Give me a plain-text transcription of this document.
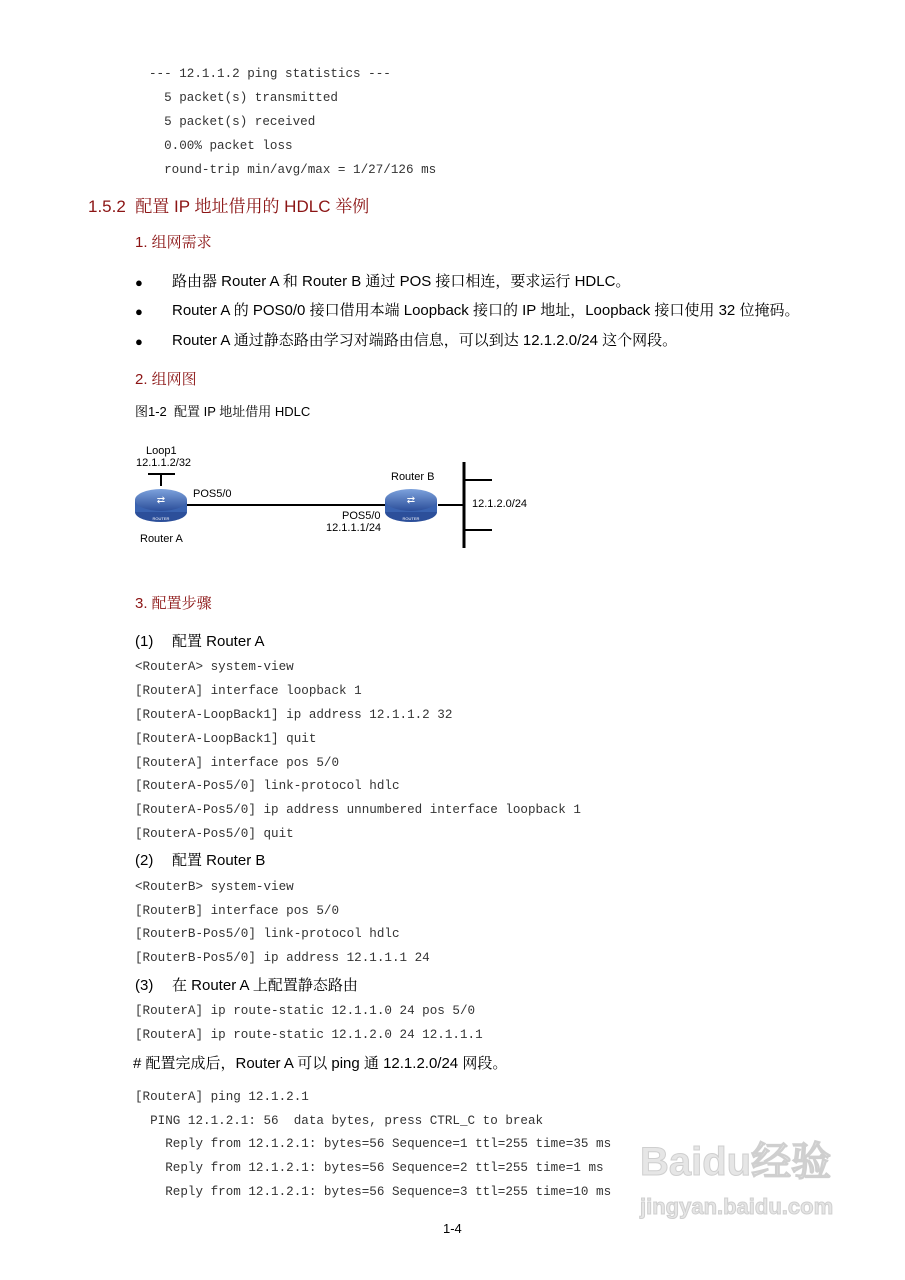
--- 12.1.1.2 ping statistics ---
5 packet(s) transmitted
5 packet(s) received
0.00% packet loss
round-trip min/avg/max = 1/27/126 ms
1.5.2  配置 IP 地址借用的 HDLC 举例
1. 组网需求
● 路由器 Router A 和 Router B 通过 POS 接口相连，要求运行 HDLC。
● Router A 的 POS0/0 接口借用本端 Loopback 接口的 IP 地址，Loopback 接口使用 32 位掩码。
● Router A 通过静态路由学习对端路由信息，可以到达 12.1.2.0/24 这个网段。
2. 组网图
图1-2  配置 IP 地址借用 HDLC
Loop1
12.1.1.2/32
⇄
ROUTER
⇄
ROUTER
POS5/0
Router A
Router B
POS5/0
12.1.1.1/24
12.1.2.0/24
3. 配置步骤
(1) 配置 Router A
<RouterA> system-view
[RouterA] interface loopback 1
[RouterA-LoopBack1] ip address 12.1.1.2 32
[RouterA-LoopBack1] quit
[RouterA] interface pos 5/0
[RouterA-Pos5/0] link-protocol hdlc
[RouterA-Pos5/0] ip address unnumbered interface loopback 1
[RouterA-Pos5/0] quit
(2) 配置 Router B
<RouterB> system-view
[RouterB] interface pos 5/0
[RouterB-Pos5/0] link-protocol hdlc
[RouterB-Pos5/0] ip address 12.1.1.1 24
(3) 在 Router A 上配置静态路由
[RouterA] ip route-static 12.1.1.0 24 pos 5/0
[RouterA] ip route-static 12.1.2.0 24 12.1.1.1
# 配置完成后，Router A 可以 ping 通 12.1.2.0/24 网段。
[RouterA] ping 12.1.2.1
PING 12.1.2.1: 56  data bytes, press CTRL_C to break
Reply from 12.1.2.1: bytes=56 Sequence=1 ttl=255 time=35 ms
Reply from 12.1.2.1: bytes=56 Sequence=2 ttl=255 time=1 ms
Reply from 12.1.2.1: bytes=56 Sequence=3 ttl=255 time=10 ms
Baidu经验
jingyan.baidu.com
1-4
